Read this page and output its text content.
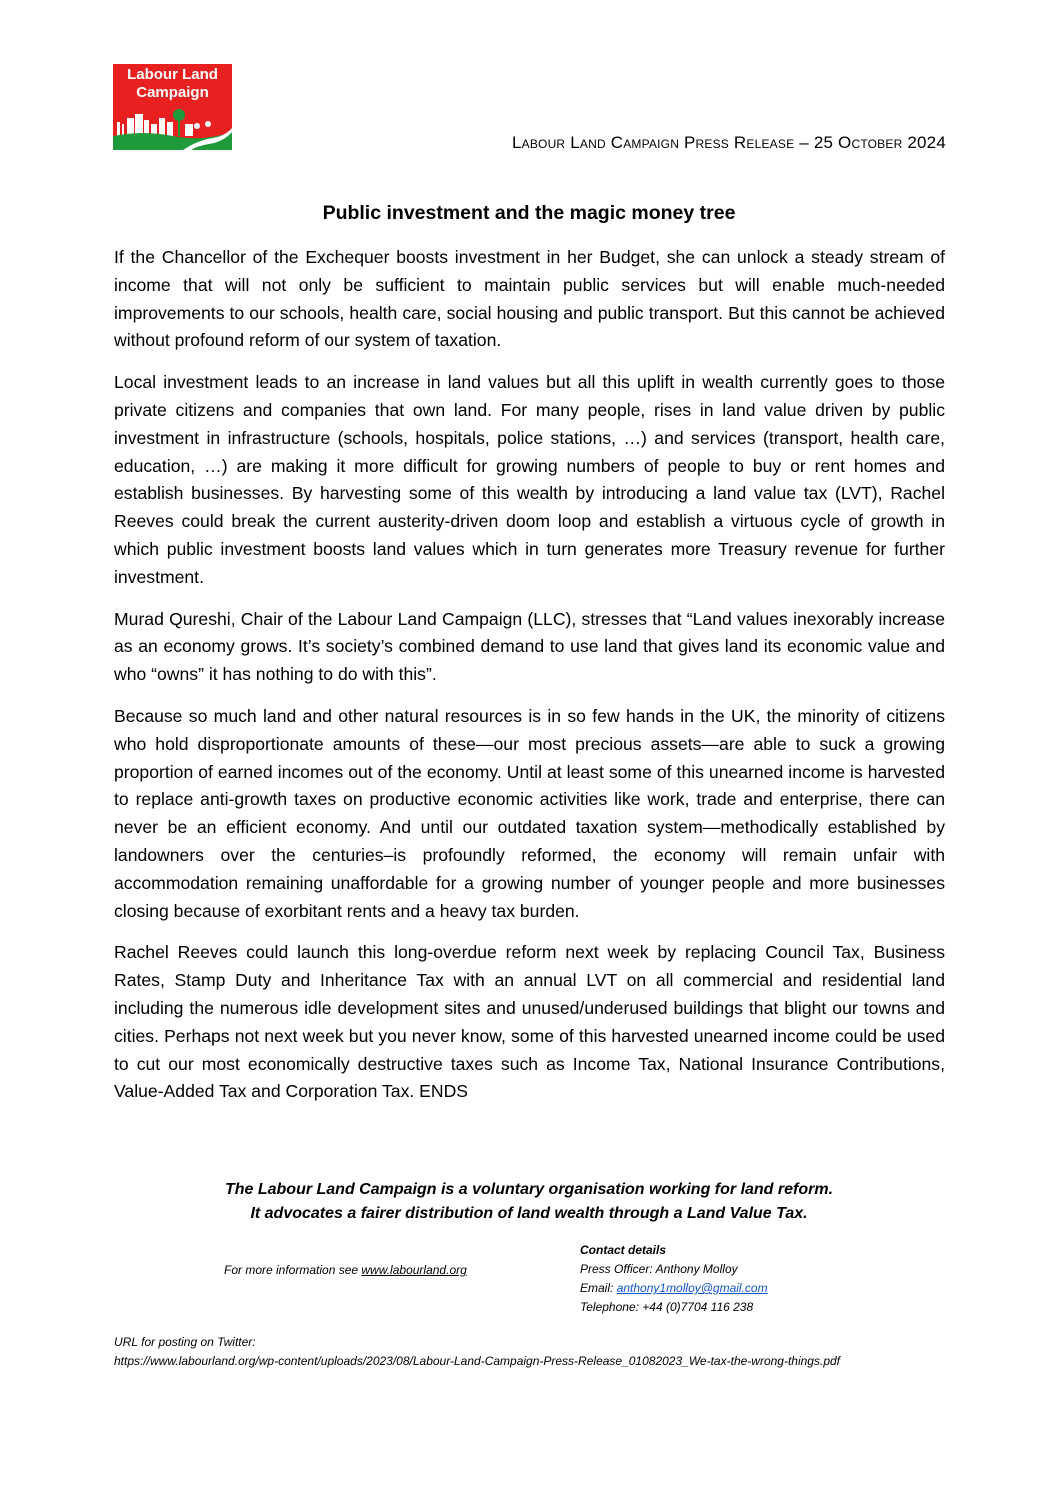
Labour Land
Campaign
Labour Land Campaign Press Release – 25 October 2024
Public investment and the magic money tree

If the Chancellor of the Exchequer boosts investment in her Budget, she can unlock a steady stream of income that will not only be sufficient to maintain public services but will enable much-needed improvements to our schools, health care, social housing and public transport. But this cannot be achieved without profound reform of our system of taxation.

Local investment leads to an increase in land values but all this uplift in wealth currently goes to those private citizens and companies that own land. For many people, rises in land value driven by public investment in infrastructure (schools, hospitals, police stations, …) and services (transport, health care, education, …) are making it more difficult for growing numbers of people to buy or rent homes and establish businesses. By harvesting some of this wealth by introducing a land value tax (LVT), Rachel Reeves could break the current austerity-driven doom loop and establish a virtuous cycle of growth in which public investment boosts land values which in turn generates more Treasury revenue for further investment.

Murad Qureshi, Chair of the Labour Land Campaign (LLC), stresses that “Land values inexorably increase as an economy grows. It’s society’s combined demand to use land that gives land its economic value and who “owns” it has nothing to do with this”.

Because so much land and other natural resources is in so few hands in the UK, the minority of citizens who hold disproportionate amounts of these—our most precious assets—are able to suck a growing proportion of earned incomes out of the economy. Until at least some of this unearned income is harvested to replace anti-growth taxes on productive economic activities like work, trade and enterprise, there can never be an efficient economy. And until our outdated taxation system—methodically established by landowners over the centuries–is profoundly reformed, the economy will remain unfair with accommodation remaining unaffordable for a growing number of younger people and more businesses closing because of exorbitant rents and a heavy tax burden.

Rachel Reeves could launch this long-overdue reform next week by replacing Council Tax, Business Rates, Stamp Duty and Inheritance Tax with an annual LVT on all commercial and residential land including the numerous idle development sites and unused/underused buildings that blight our towns and cities. Perhaps not next week but you never know, some of this harvested unearned income could be used to cut our most economically destructive taxes such as Income Tax, National Insurance Contributions, Value-Added Tax and Corporation Tax. ENDS

The Labour Land Campaign is a voluntary organisation working for land reform.
It advocates a fairer distribution of land wealth through a Land Value Tax.
For more information see www.labourland.org
Contact details
Press Officer: Anthony Molloy
Email: anthony1molloy@gmail.com
Telephone: +44 (0)7704 116 238
URL for posting on Twitter:
https://www.labourland.org/wp-content/uploads/2023/08/Labour-Land-Campaign-Press-Release_01082023_We-tax-the-wrong-things.pdf
